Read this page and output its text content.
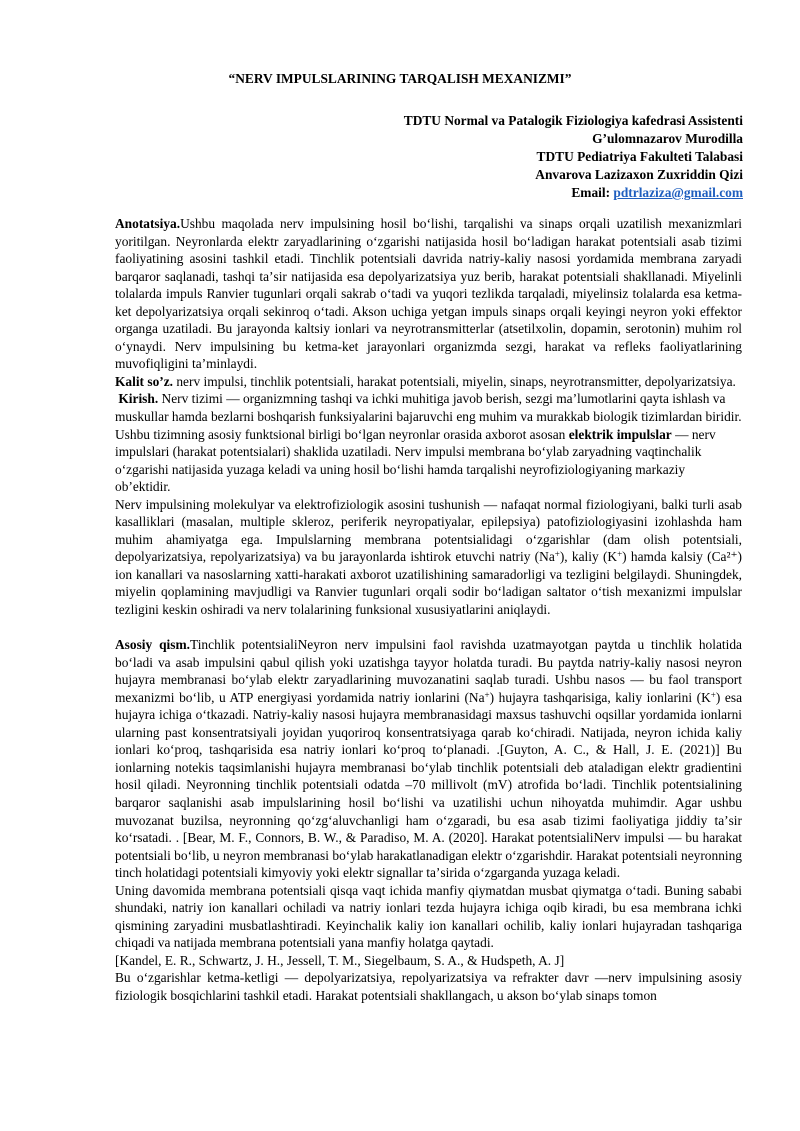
“NERV IMPULSLARINING TARQALISH MEXANIZMI”
TDTU Normal va Patalogik Fiziologiya kafedrasi Assistenti
G’ulomnazarov Murodilla
TDTU Pediatriya Fakulteti Talabasi
Anvarova Lazizaxon Zuxriddin Qizi
Email: pdtrlaziza@gmail.com

Anotatsiya.Ushbu maqolada nerv impulsining hosil boʻlishi, tarqalishi va sinaps orqali uzatilish mexanizmlari yoritilgan. Neyronlarda elektr zaryadlarining oʻzgarishi natijasida hosil boʻladigan harakat potentsiali asab tizimi faoliyatining asosini tashkil etadi. Tinchlik potentsiali davrida natriy-kaliy nasosi yordamida membrana zaryadi barqaror saqlanadi, tashqi taʼsir natijasida esa depolyarizatsiya yuz berib, harakat potentsiali shakllanadi. Miyelinli tolalarda impuls Ranvier tugunlari orqali sakrab oʻtadi va yuqori tezlikda tarqaladi, miyelinsiz tolalarda esa ketma-ket depolyarizatsiya orqali sekinroq oʻtadi. Akson uchiga yetgan impuls sinaps orqali keyingi neyron yoki effektor organga uzatiladi. Bu jarayonda kaltsiy ionlari va neyrotransmitterlar (atsetilxolin, dopamin, serotonin) muhim rol oʻynaydi. Nerv impulsining bu ketma-ket jarayonlari organizmda sezgi, harakat va refleks faoliyatlarining muvofiqligini taʼminlaydi.

Kalit so’z. nerv impulsi, tinchlik potentsiali, harakat potentsiali, miyelin, sinaps, neyrotransmitter, depolyarizatsiya.

Kirish. Nerv tizimi — organizmning tashqi va ichki muhitiga javob berish, sezgi maʼlumotlarini qayta ishlash va muskullar hamda bezlarni boshqarish funksiyalarini bajaruvchi eng muhim va murakkab biologik tizimlardan biridir. Ushbu tizimning asosiy funktsional birligi boʻlgan neyronlar orasida axborot asosan elektrik impulslar — nerv impulslari (harakat potentsialari) shaklida uzatiladi. Nerv impulsi membrana boʻylab zaryadning vaqtinchalik oʻzgarishi natijasida yuzaga keladi va uning hosil boʻlishi hamda tarqalishi neyrofiziologiyaning markaziy obʼektidir.

Nerv impulsining molekulyar va elektrofiziologik asosini tushunish — nafaqat normal fiziologiyani, balki turli asab kasalliklari (masalan, multiple skleroz, periferik neyropatiyalar, epilepsiya) patofiziologiyasini izohlashda ham muhim ahamiyatga ega. Impulslarning membrana potentsialidagi oʻzgarishlar (dam olish potentsiali, depolyarizatsiya, repolyarizatsiya) va bu jarayonlarda ishtirok etuvchi natriy (Na+), kaliy (K+) hamda kalsiy (Ca²⁺) ion kanallari va nasoslarning xatti-harakati axborot uzatilishining samaradorligi va tezligini belgilaydi. Shuningdek, miyelin qoplamining mavjudligi va Ranvier tugunlari orqali sodir boʻladigan saltator oʻtish mexanizmi impulslar tezligini keskin oshiradi va nerv tolalarining funksional xususiyatlarini aniqlaydi.

Asosiy qism.Tinchlik potentsialiNeyron nerv impulsini faol ravishda uzatmayotgan paytda u tinchlik holatida boʻladi va asab impulsini qabul qilish yoki uzatishga tayyor holatda turadi. Bu paytda natriy-kaliy nasosi neyron hujayra membranasi boʻylab elektr zaryadlarining muvozanatini saqlab turadi. Ushbu nasos — bu faol transport mexanizmi boʻlib, u ATP energiyasi yordamida natriy ionlarini (Na+) hujayra tashqarisiga, kaliy ionlarini (K+) esa hujayra ichiga oʻtkazadi. Natriy-kaliy nasosi hujayra membranasidagi maxsus tashuvchi oqsillar yordamida ionlarni ularning past konsentratsiyali joyidan yuqoriroq konsentratsiyaga qarab koʻchiradi. Natijada, neyron ichida kaliy ionlari koʻproq, tashqarisida esa natriy ionlari koʻproq toʻplanadi. .[Guyton, A. C., & Hall, J. E. (2021)] Bu ionlarning notekis taqsimlanishi hujayra membranasi boʻylab tinchlik potentsiali deb ataladigan elektr gradientini hosil qiladi. Neyronning tinchlik potentsiali odatda –70 millivolt (mV) atrofida boʻladi. Tinchlik potentsialining barqaror saqlanishi asab impulslarining hosil boʻlishi va uzatilishi uchun nihoyatda muhimdir. Agar ushbu muvozanat buzilsa, neyronning qoʻzgʻaluvchanligi ham oʻzgaradi, bu esa asab tizimi faoliyatiga jiddiy taʼsir koʻrsatadi. . [Bear, M. F., Connors, B. W., & Paradiso, M. A. (2020]. Harakat potentsialiNerv impulsi — bu harakat potentsiali boʻlib, u neyron membranasi boʻylab harakatlanadigan elektr oʻzgarishdir. Harakat potentsiali neyronning tinch holatidagi potentsiali kimyoviy yoki elektr signallar taʼsirida oʻzgarganda yuzaga keladi.

Uning davomida membrana potentsiali qisqa vaqt ichida manfiy qiymatdan musbat qiymatga oʻtadi. Buning sababi shundaki, natriy ion kanallari ochiladi va natriy ionlari tezda hujayra ichiga oqib kiradi, bu esa membrana ichki qismining zaryadini musbatlashtiradi. Keyinchalik kaliy ion kanallari ochilib, kaliy ionlari hujayradan tashqariga chiqadi va natijada membrana potentsiali yana manfiy holatga qaytadi.

[Kandel, E. R., Schwartz, J. H., Jessell, T. M., Siegelbaum, S. A., & Hudspeth, A. J]

Bu oʻzgarishlar ketma-ketligi — depolyarizatsiya, repolyarizatsiya va refrakter davr —nerv impulsining asosiy fiziologik bosqichlarini tashkil etadi. Harakat potentsiali shakllangach, u akson boʻylab sinaps tomon
